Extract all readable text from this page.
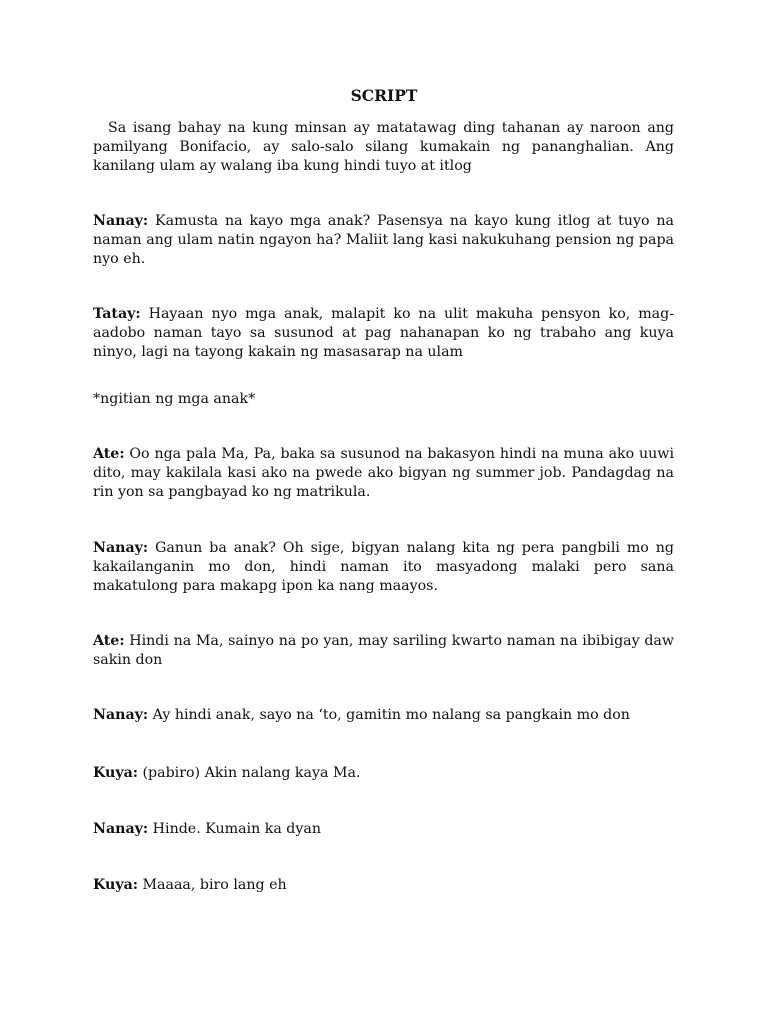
SCRIPT

Sa isang bahay na kung minsan ay matatawag ding tahanan ay naroon ang pamilyang Bonifacio, ay salo-salo silang kumakain ng pananghalian. Ang kanilang ulam ay walang iba kung hindi tuyo at itlog

Nanay: Kamusta na kayo mga anak? Pasensya na kayo kung itlog at tuyo na naman ang ulam natin ngayon ha? Maliit lang kasi nakukuhang pension ng papa nyo eh.

Tatay: Hayaan nyo mga anak, malapit ko na ulit makuha pensyon ko, mag-aadobo naman tayo sa susunod at pag nahanapan ko ng trabaho ang kuya ninyo, lagi na tayong kakain ng masasarap na ulam

*ngitian ng mga anak*

Ate: Oo nga pala Ma, Pa, baka sa susunod na bakasyon hindi na muna ako uuwi dito, may kakilala kasi ako na pwede ako bigyan ng summer job. Pandagdag na rin yon sa pangbayad ko ng matrikula.

Nanay: Ganun ba anak? Oh sige, bigyan nalang kita ng pera pangbili mo ng kakailanganin mo don, hindi naman ito masyadong malaki pero sana makatulong para makapg ipon ka nang maayos.

Ate: Hindi na Ma, sainyo na po yan, may sariling kwarto naman na ibibigay daw sakin don

Nanay: Ay hindi anak, sayo na ‘to, gamitin mo nalang sa pangkain mo don

Kuya: (pabiro) Akin nalang kaya Ma.

Nanay: Hinde. Kumain ka dyan

Kuya: Maaaa, biro lang eh
